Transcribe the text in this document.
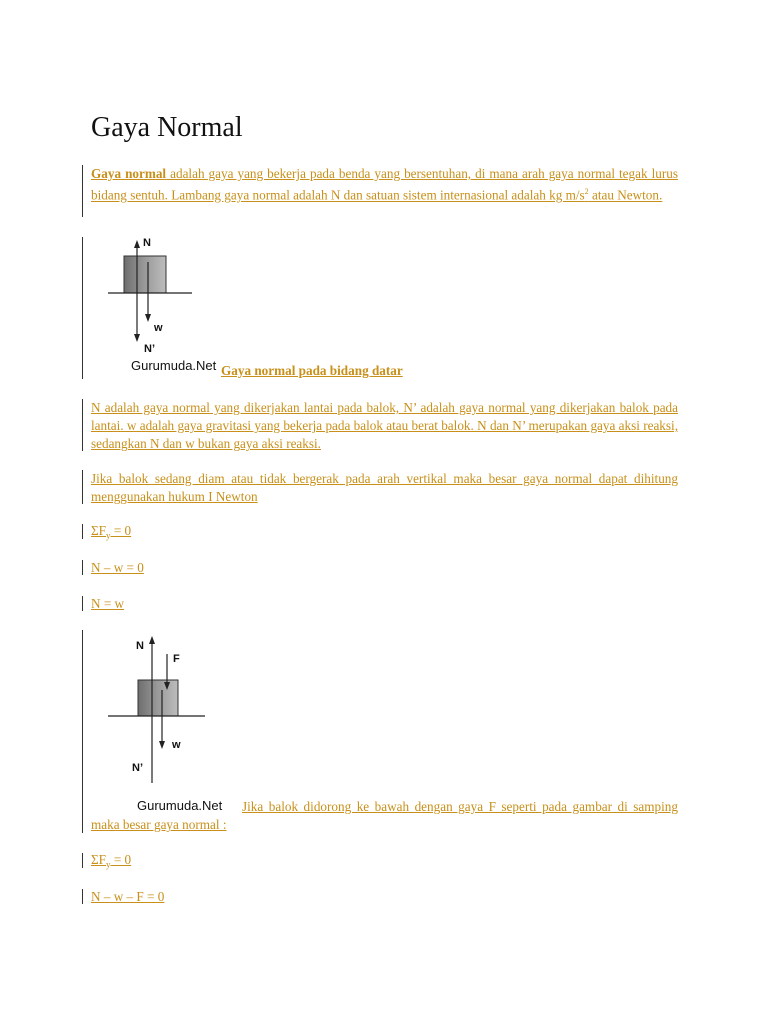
Gaya Normal

Gaya normal adalah gaya yang bekerja pada benda yang bersentuhan, di mana arah gaya normal tegak lurus bidang sentuh. Lambang gaya normal adalah N dan satuan sistem internasional adalah kg $m/s^2$ atau Newton.

N
w
N’
Gurumuda.Net Gaya normal pada bidang datar

N adalah gaya normal yang dikerjakan lantai pada balok, N’ adalah gaya normal yang dikerjakan balok pada lantai. w adalah gaya gravitasi yang bekerja pada balok atau berat balok. N dan N’ merupakan gaya aksi reaksi, sedangkan N dan w bukan gaya aksi reaksi.

Jika balok sedang diam atau tidak bergerak pada arah vertikal maka besar gaya normal dapat dihitung menggunakan hukum I Newton

$\Sigma F_y = 0$

N – w = 0

N = w

N
F
w
N’
Gurumuda.Net	Jika balok didorong ke bawah dengan gaya F seperti pada gambar di samping maka besar gaya normal :

$\Sigma F_y = 0$

N – w – F = 0
